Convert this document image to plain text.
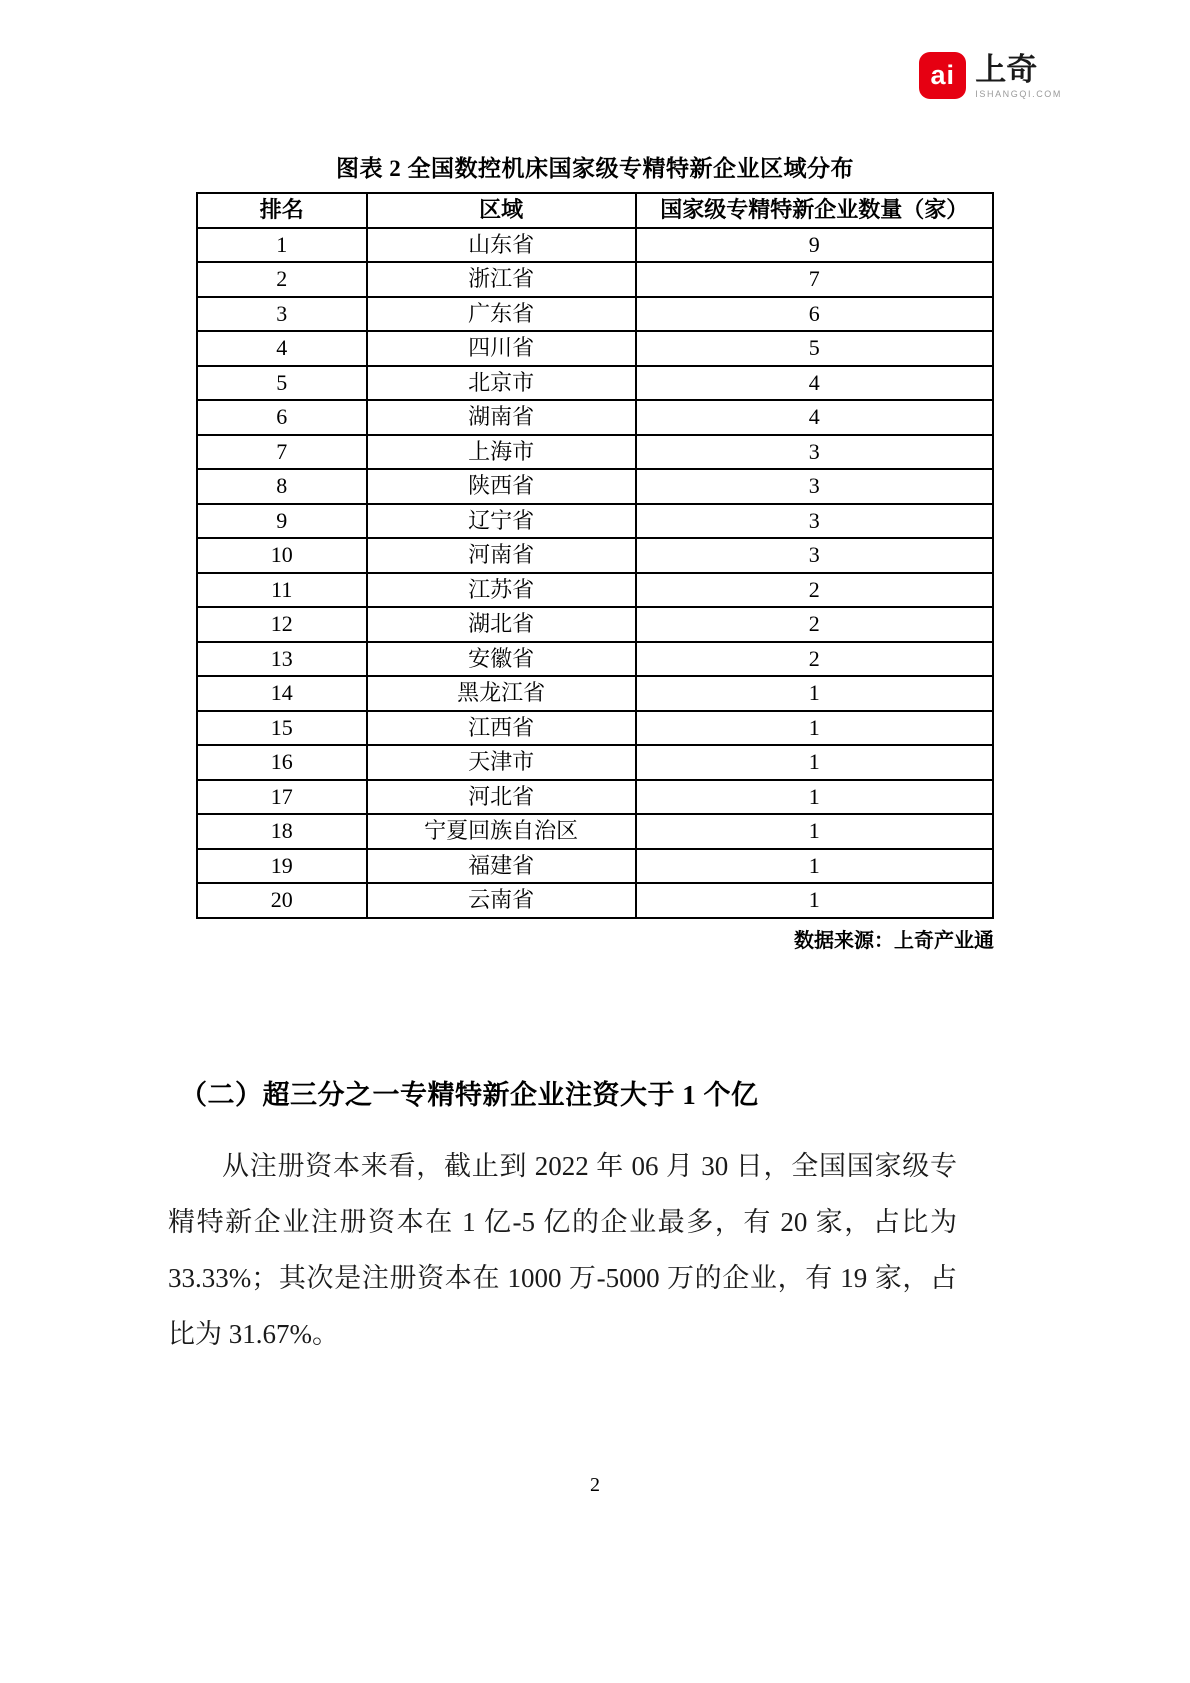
ai 上奇
ISHANGQI.COM
图表 2 全国数控机床国家级专精特新企业区域分布
排名	区域	国家级专精特新企业数量（家）
1	山东省	9
2	浙江省	7
3	广东省	6
4	四川省	5
5	北京市	4
6	湖南省	4
7	上海市	3
8	陕西省	3
9	辽宁省	3
10	河南省	3
11	江苏省	2
12	湖北省	2
13	安徽省	2
14	黑龙江省	1
15	江西省	1
16	天津市	1
17	河北省	1
18	宁夏回族自治区	1
19	福建省	1
20	云南省	1
数据来源：上奇产业通
（二）超三分之一专精特新企业注资大于 1 个亿
从注册资本来看，截止到 2022 年 06 月 30 日，全国国家级专精特新企业注册资本在 1 亿-5 亿的企业最多，有 20 家，占比为 33.33%；其次是注册资本在 1000 万-5000 万的企业，有 19 家，占比为 31.67%。
2
